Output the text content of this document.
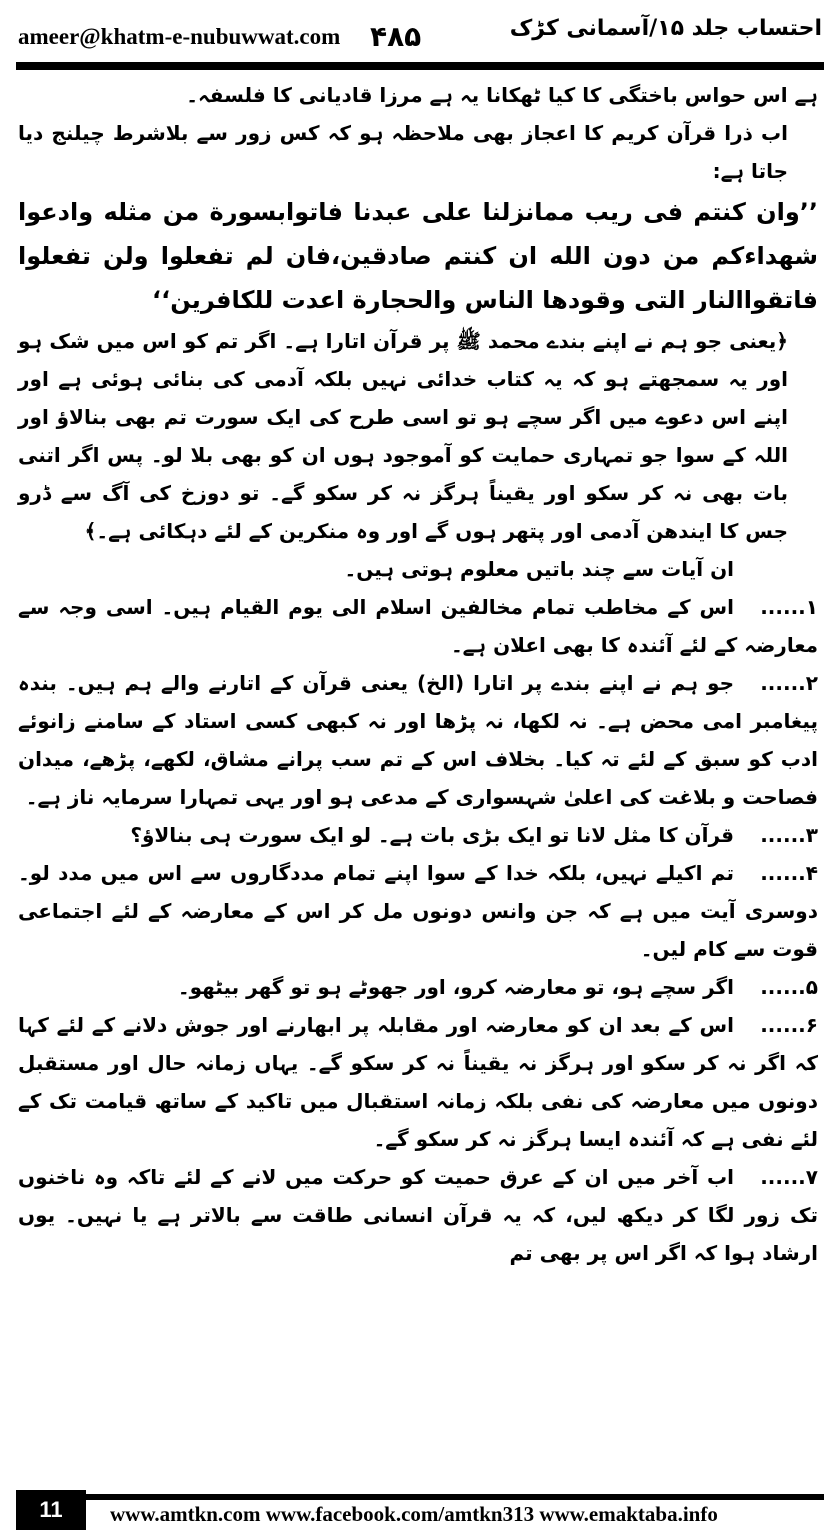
ameer@khatm-e-nubuwwat.com ۴۸۵	احتساب جلد ۱۵/آسمانی کڑک

ہے اس حواس باختگی کا کیا ٹھکانا یہ ہے مرزا قادیانی کا فلسفہ۔

اب ذرا قرآن کریم کا اعجاز بھی ملاحظہ ہو کہ کس زور سے بلاشرط چیلنج دیا جاتا ہے:

’’وان کنتم فی ریب ممانزلنا علی عبدنا فاتوابسورة من مثله وادعوا شهداءکم من دون الله ان کنتم صادقین،فان لم تفعلوا ولن تفعلوا فاتقواالنار التی وقودها الناس والحجارة اعدت للکافرین‘‘

﴿یعنی جو ہم نے اپنے بندے محمد ﷺ پر قرآن اتارا ہے۔ اگر تم کو اس میں شک ہو اور یہ سمجھتے ہو کہ یہ کتاب خدائی نہیں بلکہ آدمی کی بنائی ہوئی ہے اور اپنے اس دعوے میں اگر سچے ہو تو اسی طرح کی ایک سورت تم بھی بنالاؤ اور اللہ کے سوا جو تمہاری حمایت کو آموجود ہوں ان کو بھی بلا لو۔ پس اگر اتنی بات بھی نہ کر سکو اور یقیناً ہرگز نہ کر سکو گے۔ تو دوزخ کی آگ سے ڈرو جس کا ایندھن آدمی اور پتھر ہوں گے اور وہ منکرین کے لئے دہکائی ہے۔﴾

ان آیات سے چند باتیں معلوم ہوتی ہیں۔

۱......اس کے مخاطب تمام مخالفین اسلام الی یوم القیام ہیں۔ اسی وجہ سے معارضہ کے لئے آئندہ کا بھی اعلان ہے۔

۲......جو ہم نے اپنے بندے پر اتارا (الخ) یعنی قرآن کے اتارنے والے ہم ہیں۔ بندہ پیغامبر امی محض ہے۔ نہ لکھا، نہ پڑھا اور نہ کبھی کسی استاد کے سامنے زانوئے ادب کو سبق کے لئے تہ کیا۔ بخلاف اس کے تم سب پرانے مشاق، لکھے، پڑھے، میدان فصاحت و بلاغت کی اعلیٰ شہسواری کے مدعی ہو اور یہی تمہارا سرمایہ ناز ہے۔

۳......قرآن کا مثل لانا تو ایک بڑی بات ہے۔ لو ایک سورت ہی بنالاؤ؟

۴......تم اکیلے نہیں، بلکہ خدا کے سوا اپنے تمام مددگاروں سے اس میں مدد لو۔ دوسری آیت میں ہے کہ جن وانس دونوں مل کر اس کے معارضہ کے لئے اجتماعی قوت سے کام لیں۔

۵......اگر سچے ہو، تو معارضہ کرو، اور جھوٹے ہو تو گھر بیٹھو۔

۶......اس کے بعد ان کو معارضہ اور مقابلہ پر ابھارنے اور جوش دلانے کے لئے کہا کہ اگر نہ کر سکو اور ہرگز نہ یقیناً نہ کر سکو گے۔ یہاں زمانہ حال اور مستقبل دونوں میں معارضہ کی نفی بلکہ زمانہ استقبال میں تاکید کے ساتھ قیامت تک کے لئے نفی ہے کہ آئندہ ایسا ہرگز نہ کر سکو گے۔

۷......اب آخر میں ان کے عرق حمیت کو حرکت میں لانے کے لئے تاکہ وہ ناخنوں تک زور لگا کر دیکھ لیں، کہ یہ قرآن انسانی طاقت سے بالاتر ہے یا نہیں۔ یوں ارشاد ہوا کہ اگر اس پر بھی تم

11	www.amtkn.com www.facebook.com/amtkn313 www.emaktaba.info
